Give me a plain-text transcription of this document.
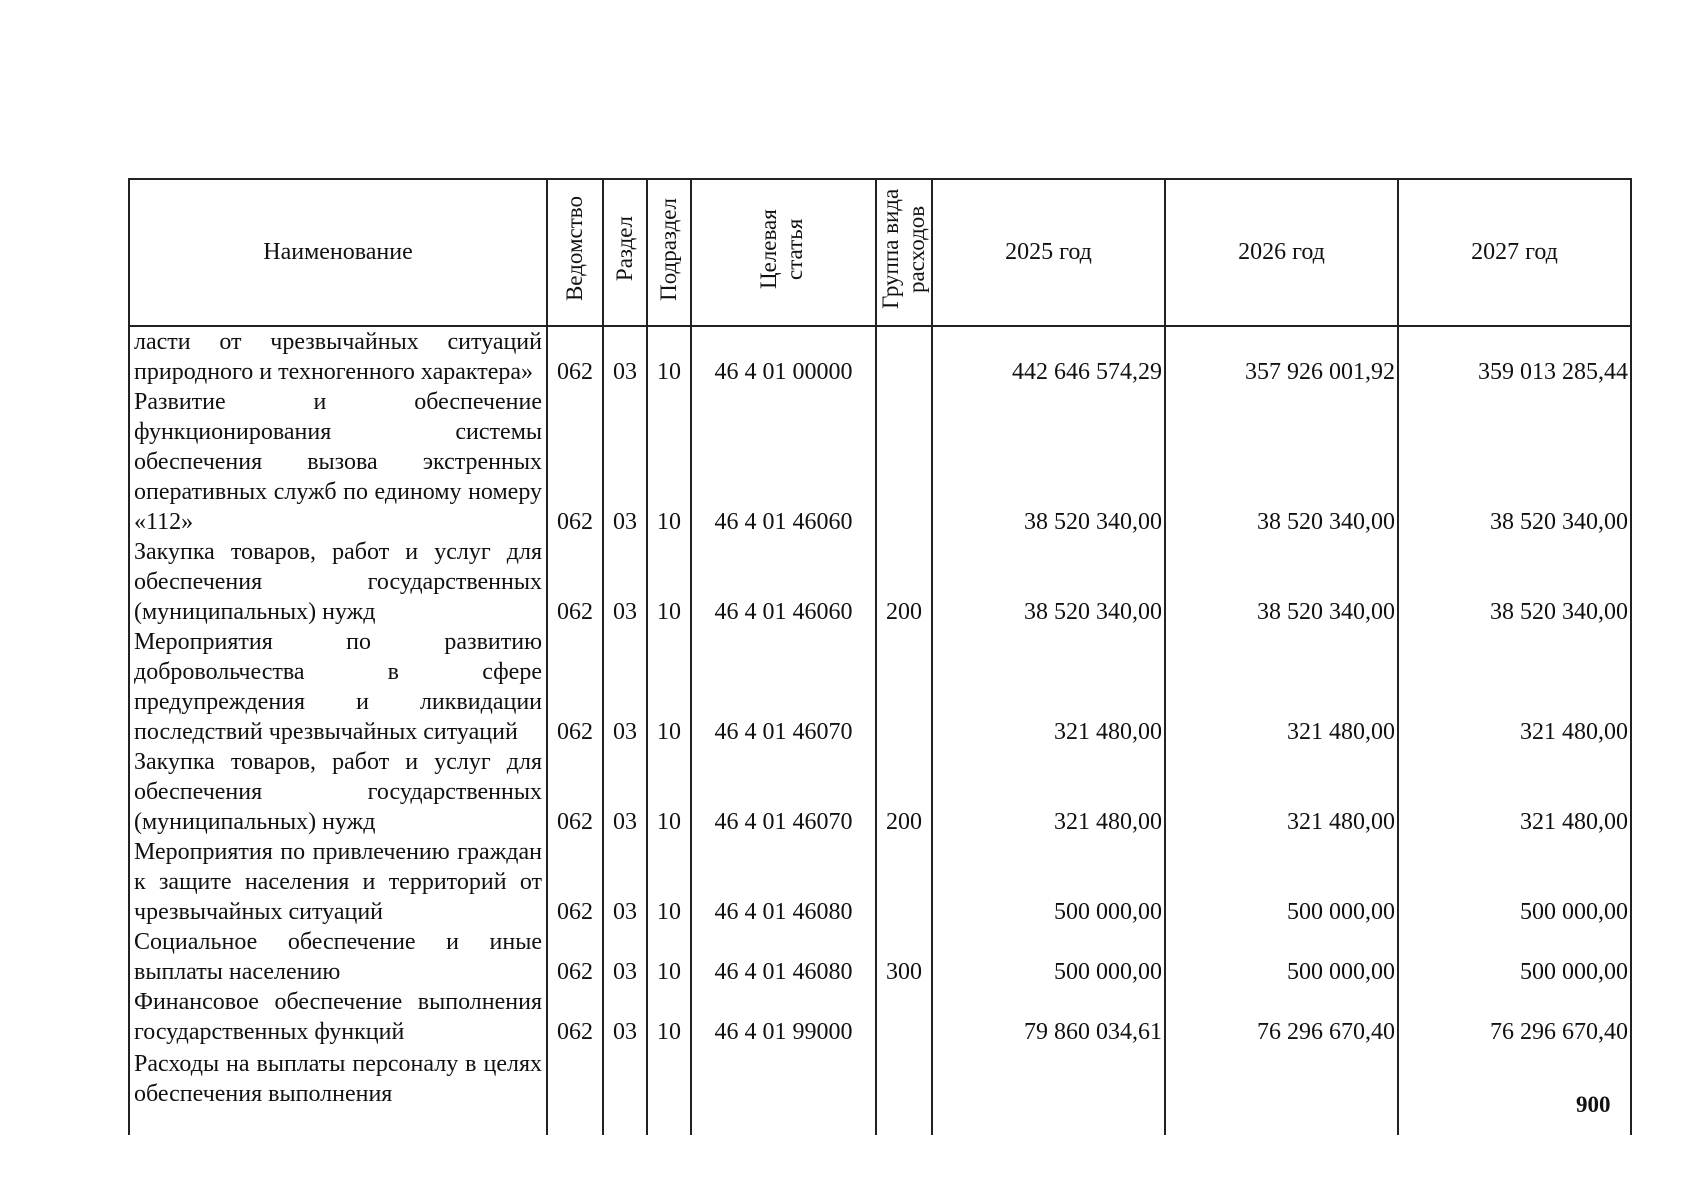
Наименование	Ведомство	Раздел	Подраздел	Целевая статья	Группа вида расходов	2025 год	2026 год	2027 год
ласти от чрезвычайных ситуаций природного и техногенного характера»	062	03	10	46 4 01 00000		442 646 574,29	357 926 001,92	359 013 285,44
Развитие и обеспечение функционирования системы обеспечения вызова экстренных оперативных служб по единому номеру «112»	062	03	10	46 4 01 46060		38 520 340,00	38 520 340,00	38 520 340,00
Закупка товаров, работ и услуг для обеспечения государственных (муниципальных) нужд	062	03	10	46 4 01 46060	200	38 520 340,00	38 520 340,00	38 520 340,00
Мероприятия по развитию добровольчества в сфере предупреждения и ликвидации последствий чрезвычайных ситуаций	062	03	10	46 4 01 46070		321 480,00	321 480,00	321 480,00
Закупка товаров, работ и услуг для обеспечения государственных (муниципальных) нужд	062	03	10	46 4 01 46070	200	321 480,00	321 480,00	321 480,00
Мероприятия по привлечению граждан к защите населения и территорий от чрезвычайных ситуаций	062	03	10	46 4 01 46080		500 000,00	500 000,00	500 000,00
Социальное обеспечение и иные выплаты населению	062	03	10	46 4 01 46080	300	500 000,00	500 000,00	500 000,00
Финансовое обеспечение выполнения государственных функций	062	03	10	46 4 01 99000		79 860 034,61	76 296 670,40	76 296 670,40
Расходы на выплаты персоналу в целях обеспечения выполнения									900
